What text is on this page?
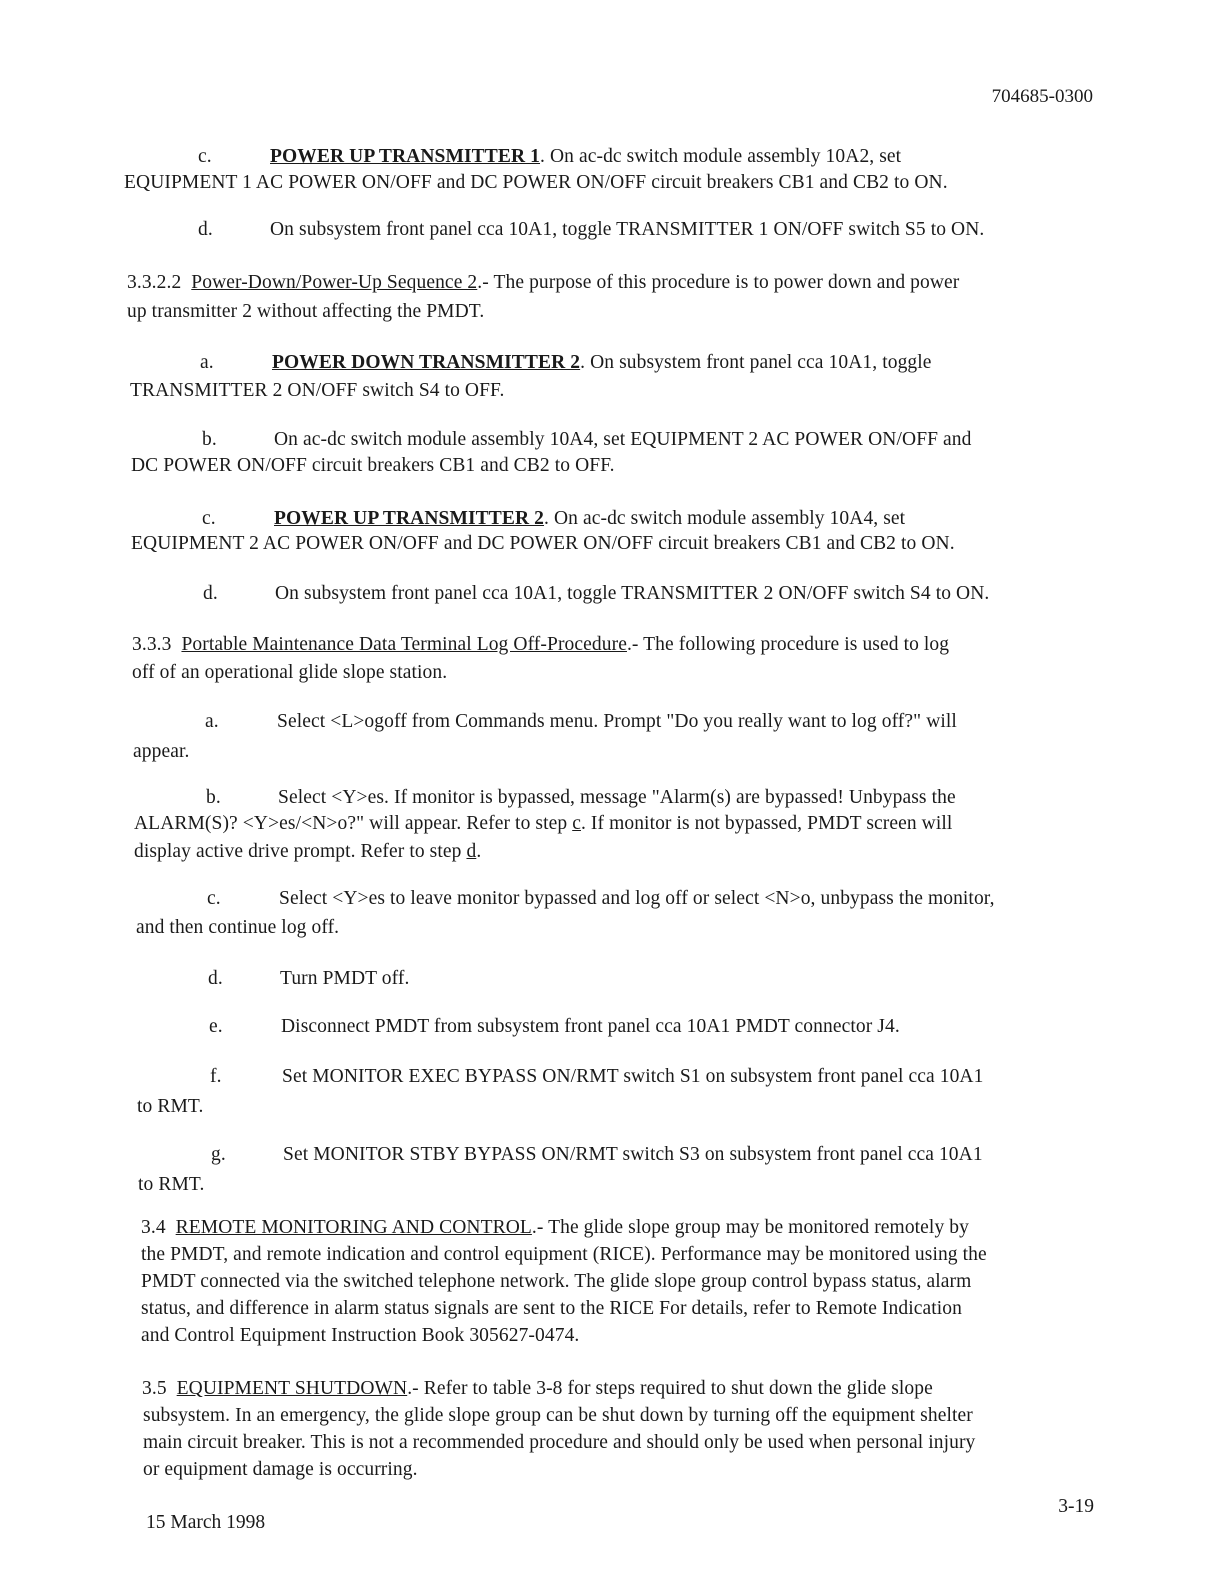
704685-0300
c.	POWER UP TRANSMITTER 1. On ac-dc switch module assembly 10A2, set
EQUIPMENT 1 AC POWER ON/OFF and DC POWER ON/OFF circuit breakers CB1 and CB2 to ON.
d.	On subsystem front panel cca 10A1, toggle TRANSMITTER 1 ON/OFF switch S5 to ON.
3.3.2.2 Power-Down/Power-Up Sequence 2.- The purpose of this procedure is to power down and power
up transmitter 2 without affecting the PMDT.
a.	POWER DOWN TRANSMITTER 2. On subsystem front panel cca 10A1, toggle
TRANSMITTER 2 ON/OFF switch S4 to OFF.
b.	On ac-dc switch module assembly 10A4, set EQUIPMENT 2 AC POWER ON/OFF and
DC POWER ON/OFF circuit breakers CB1 and CB2 to OFF.
c.	POWER UP TRANSMITTER 2. On ac-dc switch module assembly 10A4, set
EQUIPMENT 2 AC POWER ON/OFF and DC POWER ON/OFF circuit breakers CB1 and CB2 to ON.
d.	On subsystem front panel cca 10A1, toggle TRANSMITTER 2 ON/OFF switch S4 to ON.
3.3.3 Portable Maintenance Data Terminal Log Off-Procedure.- The following procedure is used to log
off of an operational glide slope station.
a.	Select <L>ogoff from Commands menu. Prompt "Do you really want to log off?" will
appear.
b.	Select <Y>es. If monitor is bypassed, message "Alarm(s) are bypassed! Unbypass the
ALARM(S)? <Y>es/<N>o?" will appear. Refer to step c. If monitor is not bypassed, PMDT screen will
display active drive prompt. Refer to step d.
c.	Select <Y>es to leave monitor bypassed and log off or select <N>o, unbypass the monitor,
and then continue log off.
d.	Turn PMDT off.
e.	Disconnect PMDT from subsystem front panel cca 10A1 PMDT connector J4.
f.	Set MONITOR EXEC BYPASS ON/RMT switch S1 on subsystem front panel cca 10A1
to RMT.
g.	Set MONITOR STBY BYPASS ON/RMT switch S3 on subsystem front panel cca 10A1
to RMT.
3.4 REMOTE MONITORING AND CONTROL.- The glide slope group may be monitored remotely by
the PMDT, and remote indication and control equipment (RICE). Performance may be monitored using the
PMDT connected via the switched telephone network. The glide slope group control bypass status, alarm
status, and difference in alarm status signals are sent to the RICE For details, refer to Remote Indication
and Control Equipment Instruction Book 305627-0474.
3.5 EQUIPMENT SHUTDOWN.- Refer to table 3-8 for steps required to shut down the glide slope
subsystem. In an emergency, the glide slope group can be shut down by turning off the equipment shelter
main circuit breaker. This is not a recommended procedure and should only be used when personal injury
or equipment damage is occurring.
15 March 1998
3-19
